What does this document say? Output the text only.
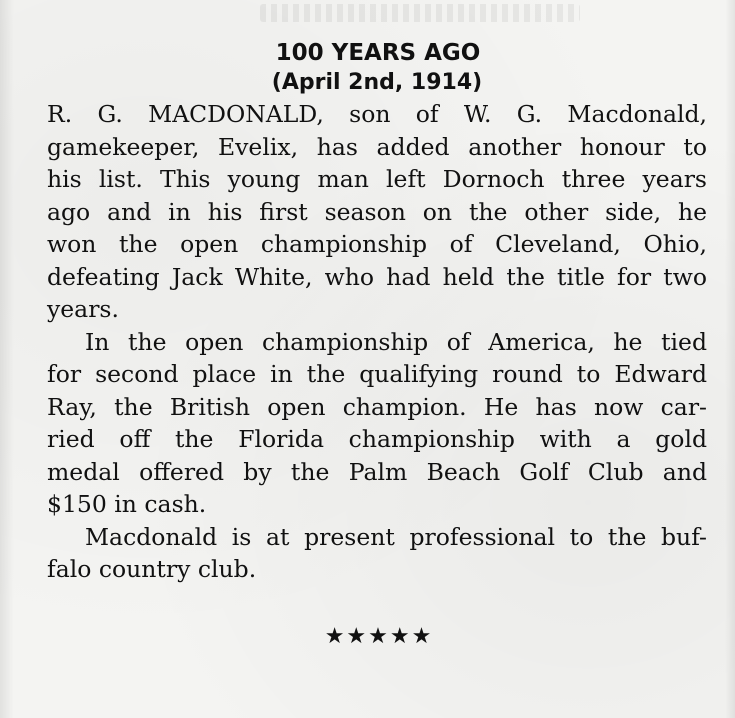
100 YEARS AGO
(April 2nd, 1914)
R. G. MACDONALD, son of W. G. Macdonald,
gamekeeper, Evelix, has added another honour to
his list. This young man left Dornoch three years
ago and in his first season on the other side, he
won the open championship of Cleveland, Ohio,
defeating Jack White, who had held the title for two
years.
In the open championship of America, he tied
for second place in the qualifying round to Edward
Ray, the British open champion. He has now car-
ried off the Florida championship with a gold
medal offered by the Palm Beach Golf Club and
$150 in cash.
Macdonald is at present professional to the buf-
falo country club.
★★★★★
